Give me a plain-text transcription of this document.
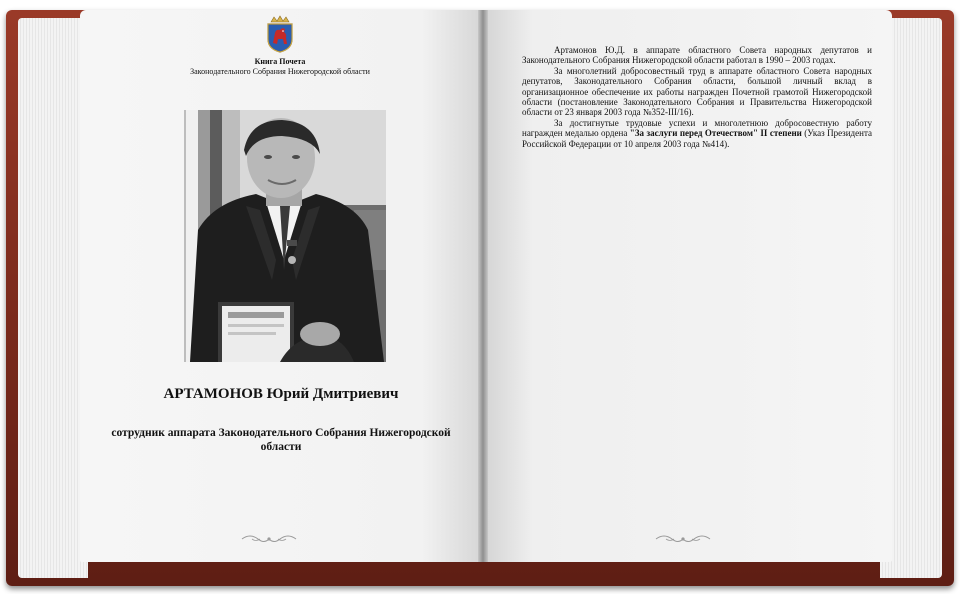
Книга Почета
Законодательного Собрания Нижегородской области
АРТАМОНОВ Юрий Дмитриевич
сотрудник аппарата Законодательного Собрания Нижегородской области

Артамонов Ю.Д. в аппарате областного Совета народных депутатов и Законодательного Собрания Нижегородской области работал в 1990 – 2003 годах.

За многолетний добросовестный труд в аппарате областного Совета народных депутатов, Законодательного Собрания области, большой личный вклад в организационное обеспечение их работы награжден Почетной грамотой Нижегородской области (постановление Законодательного Собрания и Правительства Нижегородской области от 23 января 2003 года №352-III/16).

За достигнутые трудовые успехи и многолетнюю добросовестную работу награжден медалью ордена "За заслуги перед Отечеством" II степени (Указ Президента Российской Федерации от 10 апреля 2003 года №414).
